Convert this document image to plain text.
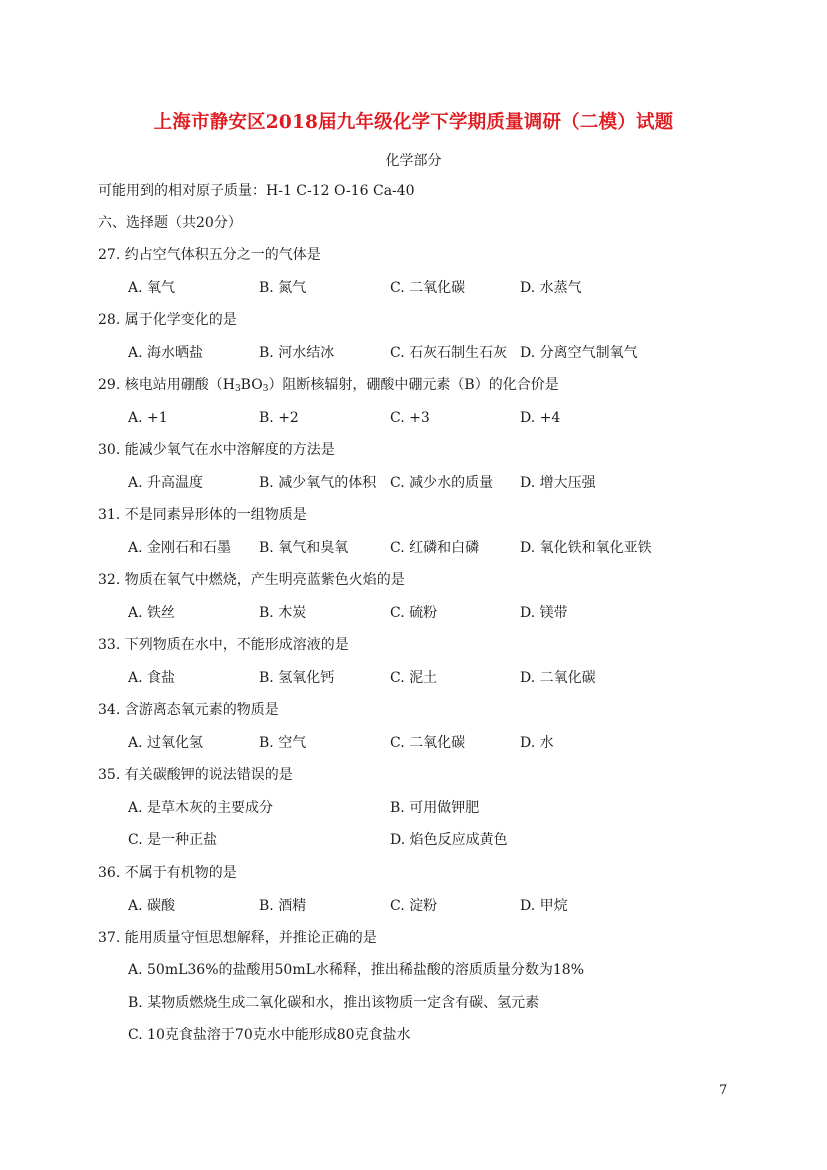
上海市静安区2018届九年级化学下学期质量调研（二模）试题
化学部分
可能用到的相对原子质量：H-1 C-12 O-16 Ca-40
六、选择题（共20分）
27. 约占空气体积五分之一的气体是
A. 氧气	B. 氮气	C. 二氧化碳	D. 水蒸气
28. 属于化学变化的是
A. 海水晒盐	B. 河水结冰	C. 石灰石制生石灰 D. 分离空气制氧气
29. 核电站用硼酸$(H_3BO_3)$阻断核辐射，硼酸中硼元素（B）的化合价是
A. +1	B. +2	C. +3	D. +4
30. 能减少氧气在水中溶解度的方法是
A. 升高温度	B. 减少氧气的体积 C. 减少水的质量 D. 增大压强
31. 不是同素异形体的一组物质是
A. 金刚石和石墨 B. 氧气和臭氧	C. 红磷和白磷	D. 氧化铁和氧化亚铁
32. 物质在氧气中燃烧，产生明亮蓝紫色火焰的是
A. 铁丝	B. 木炭	C. 硫粉	D. 镁带
33. 下列物质在水中，不能形成溶液的是
A. 食盐	B. 氢氧化钙	C. 泥土	D. 二氧化碳
34. 含游离态氧元素的物质是
A. 过氧化氢	B. 空气	C. 二氧化碳	D. 水
35. 有关碳酸钾的说法错误的是
A. 是草木灰的主要成分	B. 可用做钾肥
C. 是一种正盐	D. 焰色反应成黄色
36. 不属于有机物的是
A. 碳酸	B. 酒精	C. 淀粉	D. 甲烷
37. 能用质量守恒思想解释，并推论正确的是
A. 50mL36%的盐酸用50mL水稀释，推出稀盐酸的溶质质量分数为18%
B. 某物质燃烧生成二氧化碳和水，推出该物质一定含有碳、氢元素
C. 10克食盐溶于70克水中能形成80克食盐水
7
